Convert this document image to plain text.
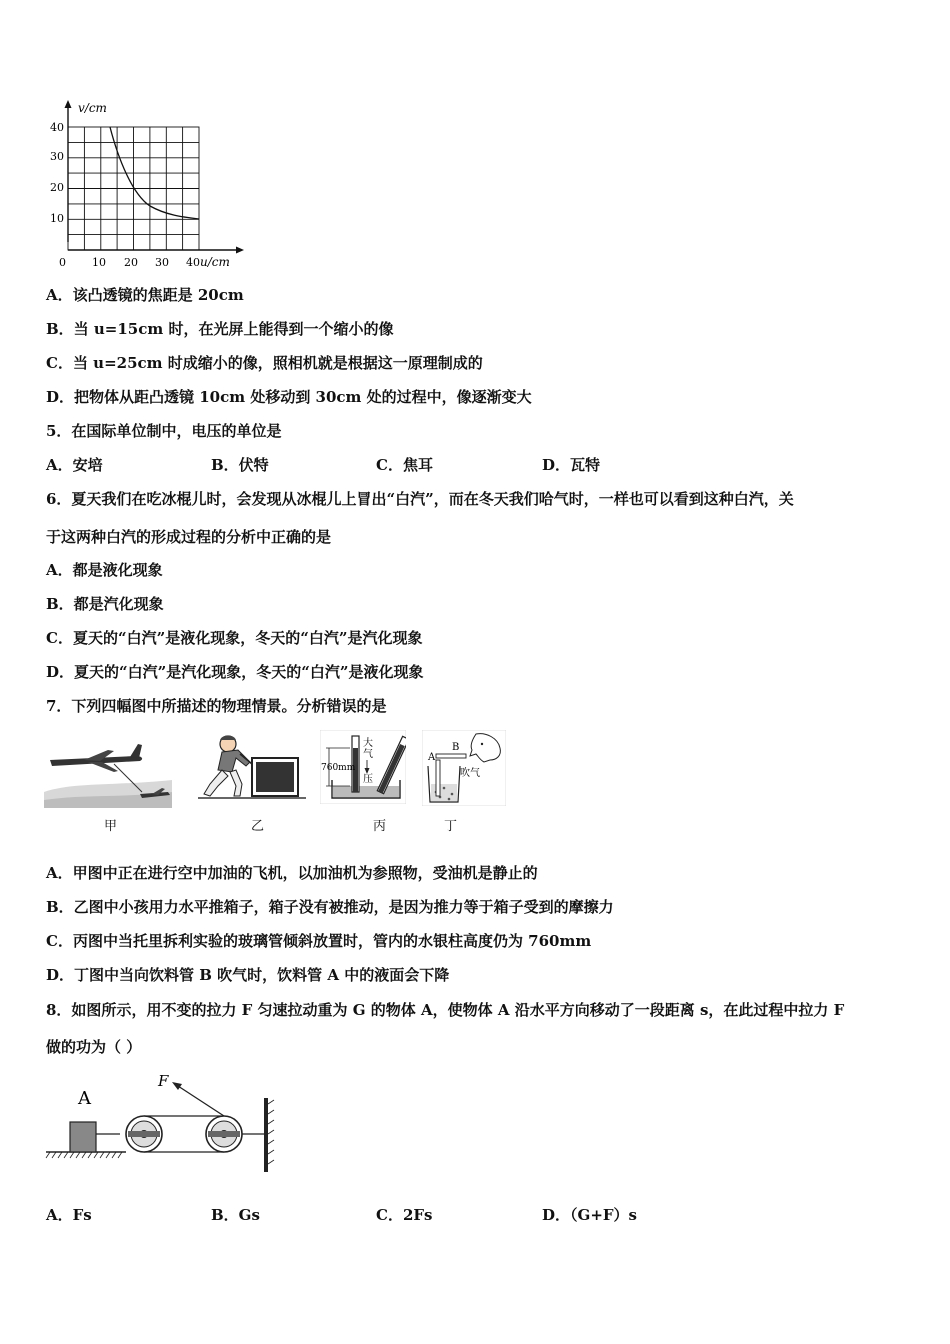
v/cm
u/cm
40
30
20
10
0 10 20 30 40
A．该凸透镜的焦距是 20cm
B．当 u=15cm 时，在光屏上能得到一个缩小的像
C．当 u=25cm 时成缩小的像，照相机就是根据这一原理制成的
D．把物体从距凸透镜 10cm 处移动到 30cm 处的过程中，像逐渐变大
5．在国际单位制中，电压的单位是
A．安培	B．伏特	C．焦耳	D．瓦特
6．夏天我们在吃冰棍儿时，会发现从冰棍儿上冒出“白汽”，而在冬天我们哈气时，一样也可以看到这种白汽，关
于这两种白汽的形成过程的分析中正确的是
A．都是液化现象
B．都是汽化现象
C．夏天的“白汽”是液化现象，冬天的“白汽”是汽化现象
D．夏天的“白汽”是汽化现象，冬天的“白汽”是液化现象
7．下列四幅图中所描述的物理情景。分析错误的是
甲	乙
760mm
大
气
压
丙
A
B
吹气
丁
A．甲图中正在进行空中加油的飞机，以加油机为参照物，受油机是静止的
B．乙图中小孩用力水平推箱子，箱子没有被推动，是因为推力等于箱子受到的摩擦力
C．丙图中当托里拆利实验的玻璃管倾斜放置时，管内的水银柱高度仍为 760mm
D．丁图中当向饮料管 B 吹气时，饮料管 A 中的液面会下降
8．如图所示，用不变的拉力 F 匀速拉动重为 G 的物体 A，使物体 A 沿水平方向移动了一段距离 s，在此过程中拉力 F
做的功为（ ）
A
F
A．Fs	B．Gs	C．2Fs	D．（G+F）s
